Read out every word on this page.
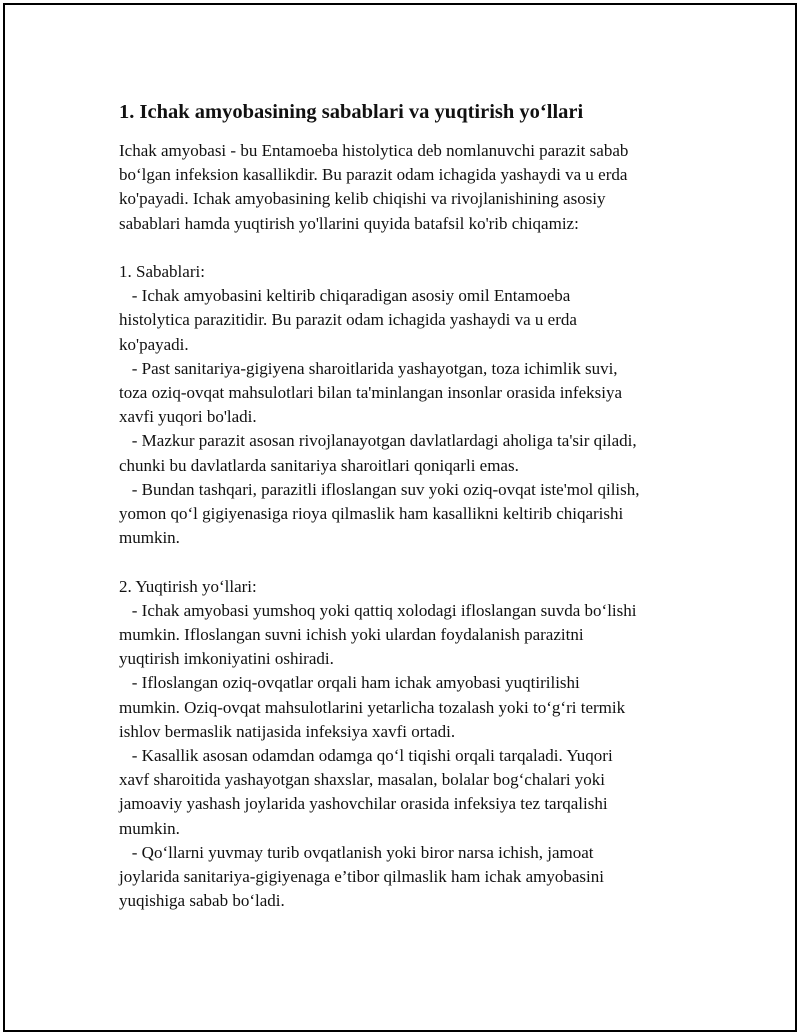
1. Ichak amyobasining sabablari va yuqtirish yo‘llari

Ichak amyobasi - bu Entamoeba histolytica deb nomlanuvchi parazit sabab
bo‘lgan infeksion kasallikdir. Bu parazit odam ichagida yashaydi va u erda
ko'payadi. Ichak amyobasining kelib chiqishi va rivojlanishining asosiy
sabablari hamda yuqtirish yo'llarini quyida batafsil ko'rib chiqamiz:

1. Sabablari:
- Ichak amyobasini keltirib chiqaradigan asosiy omil Entamoeba
histolytica parazitidir. Bu parazit odam ichagida yashaydi va u erda
ko'payadi.
- Past sanitariya-gigiyena sharoitlarida yashayotgan, toza ichimlik suvi,
toza oziq-ovqat mahsulotlari bilan ta'minlangan insonlar orasida infeksiya
xavfi yuqori bo'ladi.
- Mazkur parazit asosan rivojlanayotgan davlatlardagi aholiga ta'sir qiladi,
chunki bu davlatlarda sanitariya sharoitlari qoniqarli emas.
- Bundan tashqari, parazitli ifloslangan suv yoki oziq-ovqat iste'mol qilish,
yomon qo‘l gigiyenasiga rioya qilmaslik ham kasallikni keltirib chiqarishi
mumkin.

2. Yuqtirish yo‘llari:
- Ichak amyobasi yumshoq yoki qattiq xolodagi ifloslangan suvda bo‘lishi
mumkin. Ifloslangan suvni ichish yoki ulardan foydalanish parazitni
yuqtirish imkoniyatini oshiradi.
- Ifloslangan oziq-ovqatlar orqali ham ichak amyobasi yuqtirilishi
mumkin. Oziq-ovqat mahsulotlarini yetarlicha tozalash yoki to‘g‘ri termik
ishlov bermaslik natijasida infeksiya xavfi ortadi.
- Kasallik asosan odamdan odamga qo‘l tiqishi orqali tarqaladi. Yuqori
xavf sharoitida yashayotgan shaxslar, masalan, bolalar bog‘chalari yoki
jamoaviy yashash joylarida yashovchilar orasida infeksiya tez tarqalishi
mumkin.
- Qo‘llarni yuvmay turib ovqatlanish yoki biror narsa ichish, jamoat
joylarida sanitariya-gigiyenaga e’tibor qilmaslik ham ichak amyobasini
yuqishiga sabab bo‘ladi.
